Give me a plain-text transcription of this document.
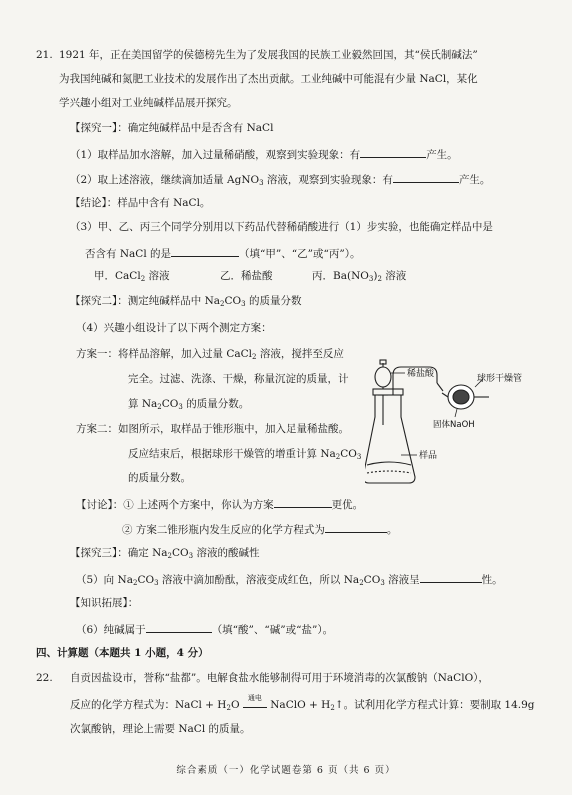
21. 1921 年，正在美国留学的侯德榜先生为了发展我国的民族工业毅然回国，其“侯氏制碱法”
为我国纯碱和氮肥工业技术的发展作出了杰出贡献。工业纯碱中可能混有少量 NaCl，某化
学兴趣小组对工业纯碱样品展开探究。
【探究一】：确定纯碱样品中是否含有 NaCl
（1）取样品加水溶解，加入过量稀硝酸，观察到实验现象：有	产生。
（2）取上述溶液，继续滴加适量 AgNO$_3$ 溶液，观察到实验现象：有	产生。
【结论】：样品中含有 NaCl。
（3）甲、乙、丙三个同学分别用以下药品代替稀硝酸进行（1）步实验，也能确定样品中是
否含有 NaCl 的是	（填“甲”、“乙”或“丙”）。
甲．CaCl$_2$ 溶液	乙．稀盐酸	丙．$Ba(NO_3)_2$ 溶液
【探究二】：测定纯碱样品中 $Na_2CO_3$ 的质量分数
（4）兴趣小组设计了以下两个测定方案：
方案一：将样品溶解，加入过量 CaCl$_2$ 溶液，搅拌至反应
完全。过滤、洗涤、干燥，称量沉淀的质量，计
算 $Na_2CO_3$ 的质量分数。
方案二：如图所示，取样品于锥形瓶中，加入足量稀盐酸。
反应结束后，根据球形干燥管的增重计算 $Na_2CO_3$
的质量分数。
稀盐酸	球形干燥管
固体NaOH
样品
【讨论】：① 上述两个方案中，你认为方案	更优。
② 方案二锥形瓶内发生反应的化学方程式为	。
【探究三】：确定 $Na_2CO_3$ 溶液的酸碱性
（5）向 $Na_2CO_3$ 溶液中滴加酚酞，溶液变成红色，所以 $Na_2CO_3$ 溶液呈	性。
【知识拓展】：
（6）纯碱属于	（填“酸”、“碱”或“盐”）。
四、计算题（本题共 1 小题，4 分）
22. 自贡因盐设市，誉称“盐都”。电解食盐水能够制得可用于环境消毒的次氯酸钠（NaClO），
反应的化学方程式为：NaCl + $H_2O$
通电
NaClO + $H_2↑$。试利用化学方程式计算：要制取 14.9g
次氯酸钠，理论上需要 NaCl 的质量。
综合素质（一）化学试题卷第 6 页（共 6 页）
